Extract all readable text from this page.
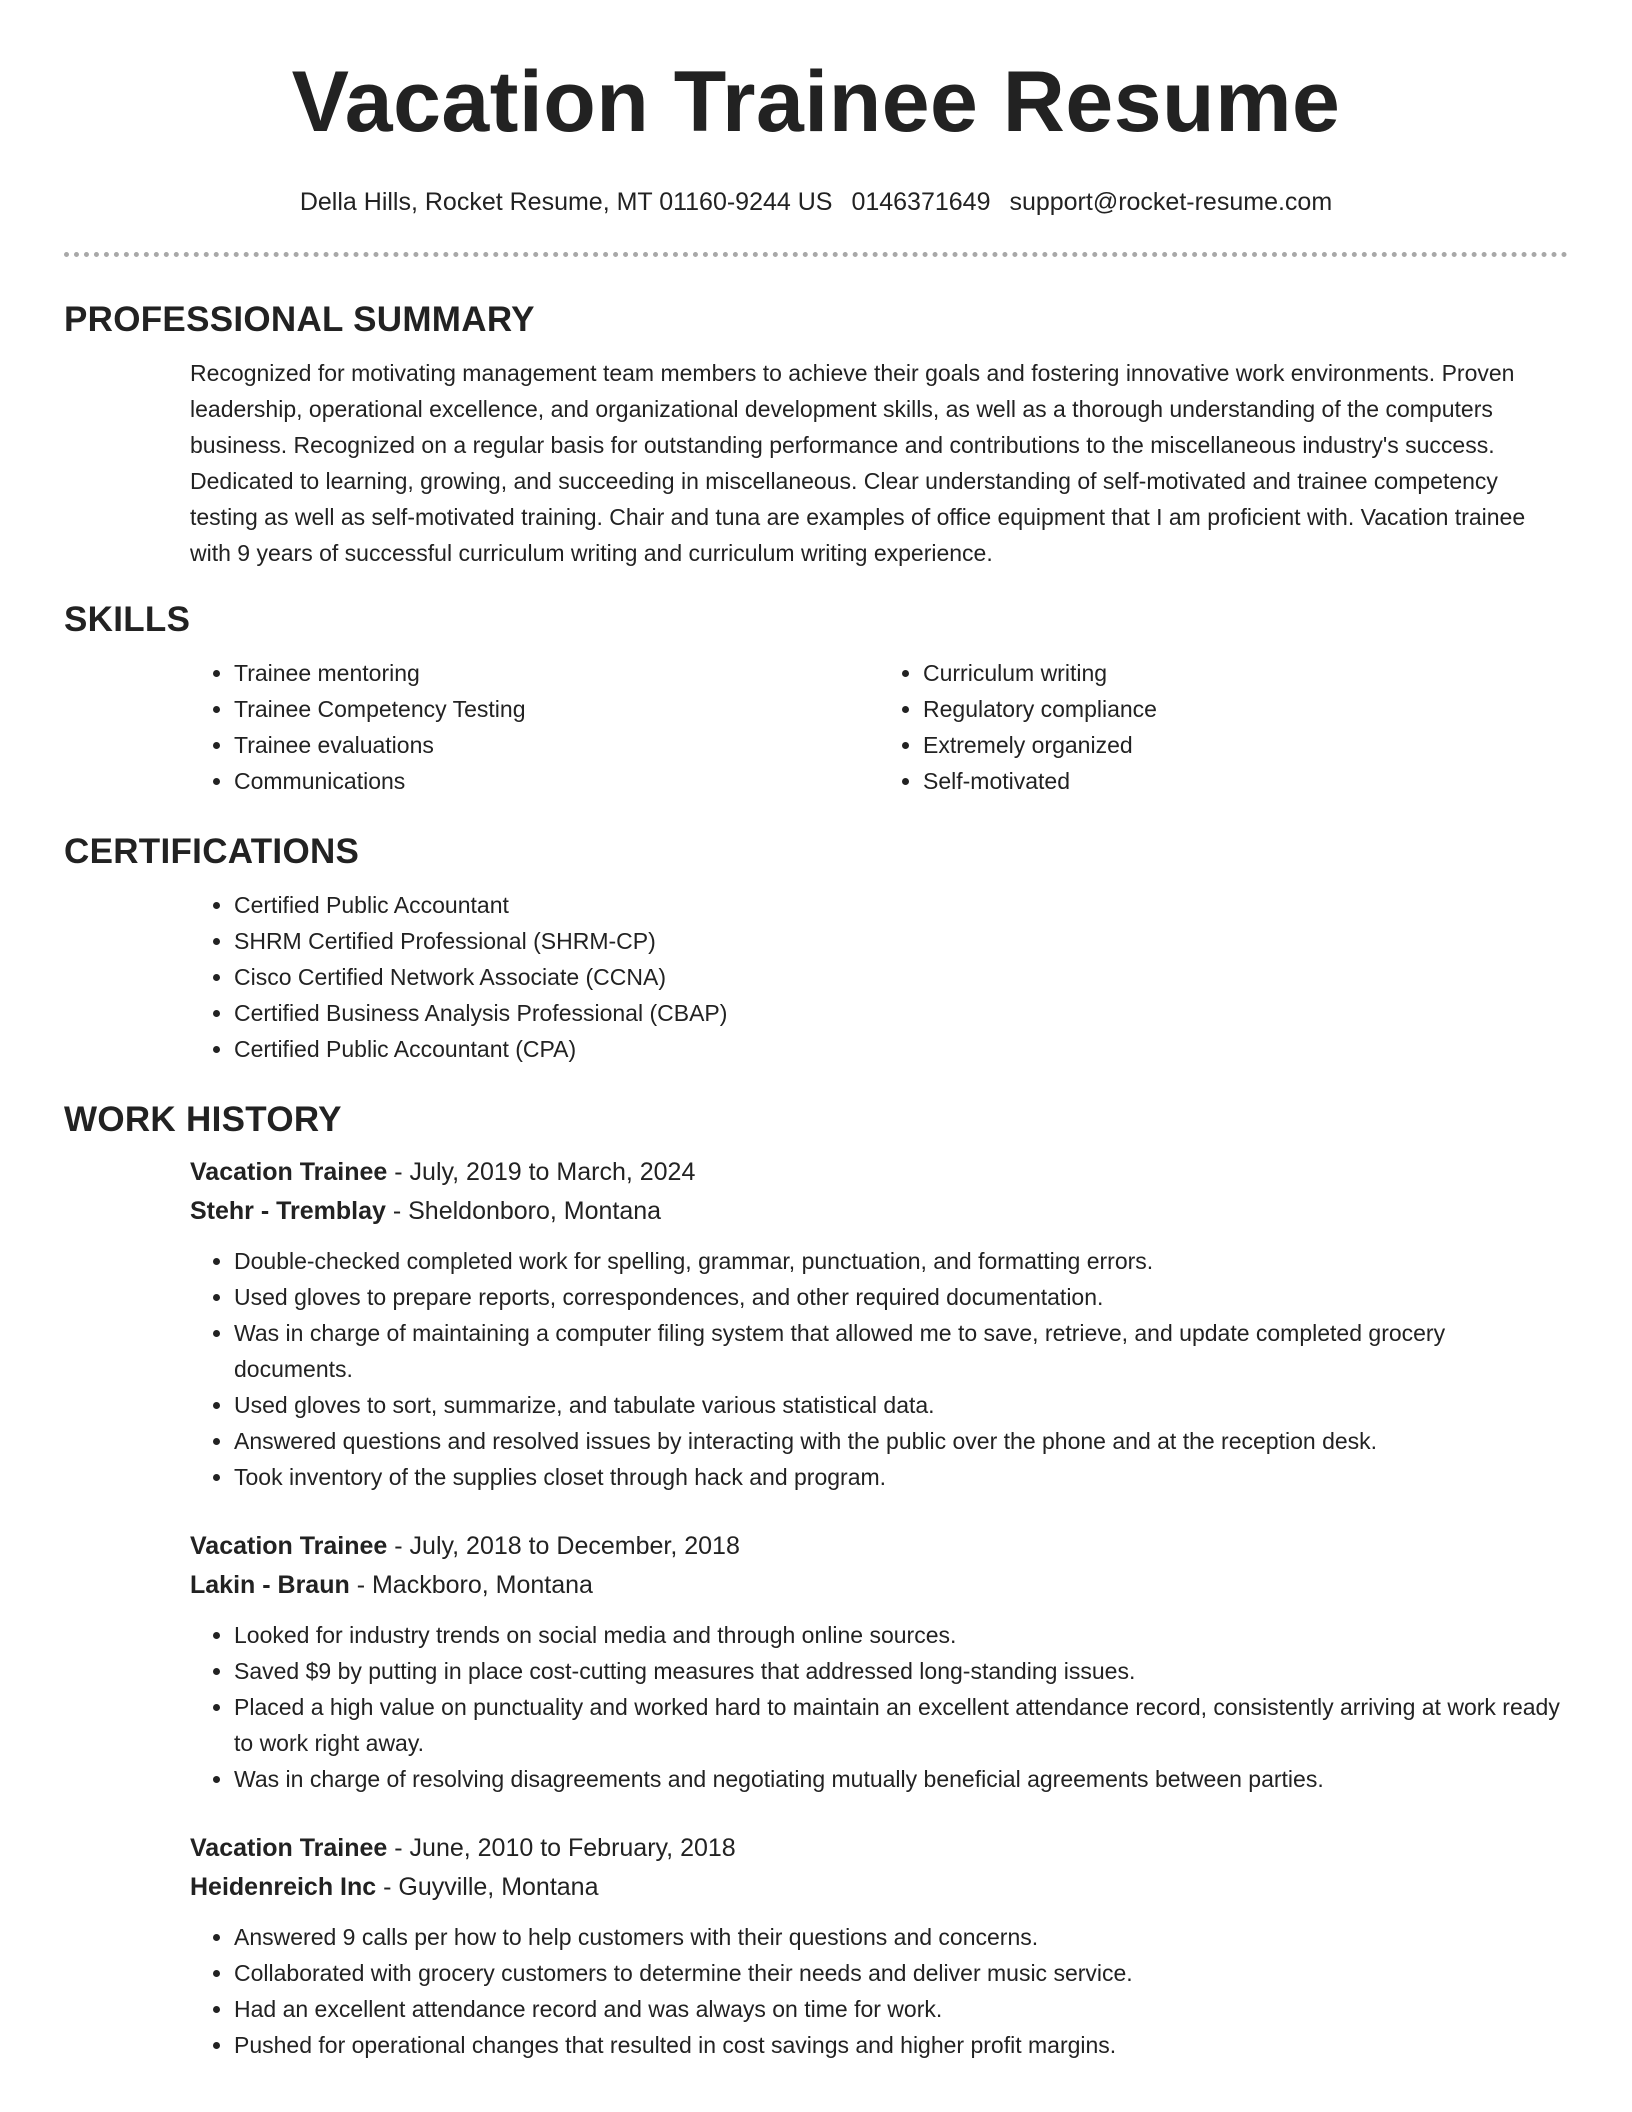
Vacation Trainee Resume
Della Hills, Rocket Resume, MT 01160-9244 US 0146371649 support@rocket-resume.com
PROFESSIONAL SUMMARY

Recognized for motivating management team members to achieve their goals and fostering innovative work environments. Proven leadership, operational excellence, and organizational development skills, as well as a thorough understanding of the computers business. Recognized on a regular basis for outstanding performance and contributions to the miscellaneous industry's success. Dedicated to learning, growing, and succeeding in miscellaneous. Clear understanding of self-motivated and trainee competency testing as well as self-motivated training. Chair and tuna are examples of office equipment that I am proficient with. Vacation trainee with 9 years of successful curriculum writing and curriculum writing experience.

SKILLS
• Trainee mentoring
• Trainee Competency Testing
• Trainee evaluations
• Communications
• Curriculum writing
• Regulatory compliance
• Extremely organized
• Self-motivated
CERTIFICATIONS
• Certified Public Accountant
• SHRM Certified Professional (SHRM-CP)
• Cisco Certified Network Associate (CCNA)
• Certified Business Analysis Professional (CBAP)
• Certified Public Accountant (CPA)
WORK HISTORY
Vacation Trainee - July, 2019 to March, 2024
Stehr - Tremblay - Sheldonboro, Montana
• Double-checked completed work for spelling, grammar, punctuation, and formatting errors.
• Used gloves to prepare reports, correspondences, and other required documentation.
• Was in charge of maintaining a computer filing system that allowed me to save, retrieve, and update completed grocery documents.
• Used gloves to sort, summarize, and tabulate various statistical data.
• Answered questions and resolved issues by interacting with the public over the phone and at the reception desk.
• Took inventory of the supplies closet through hack and program.
Vacation Trainee - July, 2018 to December, 2018
Lakin - Braun - Mackboro, Montana
• Looked for industry trends on social media and through online sources.
• Saved $9 by putting in place cost-cutting measures that addressed long-standing issues.
• Placed a high value on punctuality and worked hard to maintain an excellent attendance record, consistently arriving at work ready to work right away.
• Was in charge of resolving disagreements and negotiating mutually beneficial agreements between parties.
Vacation Trainee - June, 2010 to February, 2018
Heidenreich Inc - Guyville, Montana
• Answered 9 calls per how to help customers with their questions and concerns.
• Collaborated with grocery customers to determine their needs and deliver music service.
• Had an excellent attendance record and was always on time for work.
• Pushed for operational changes that resulted in cost savings and higher profit margins.
